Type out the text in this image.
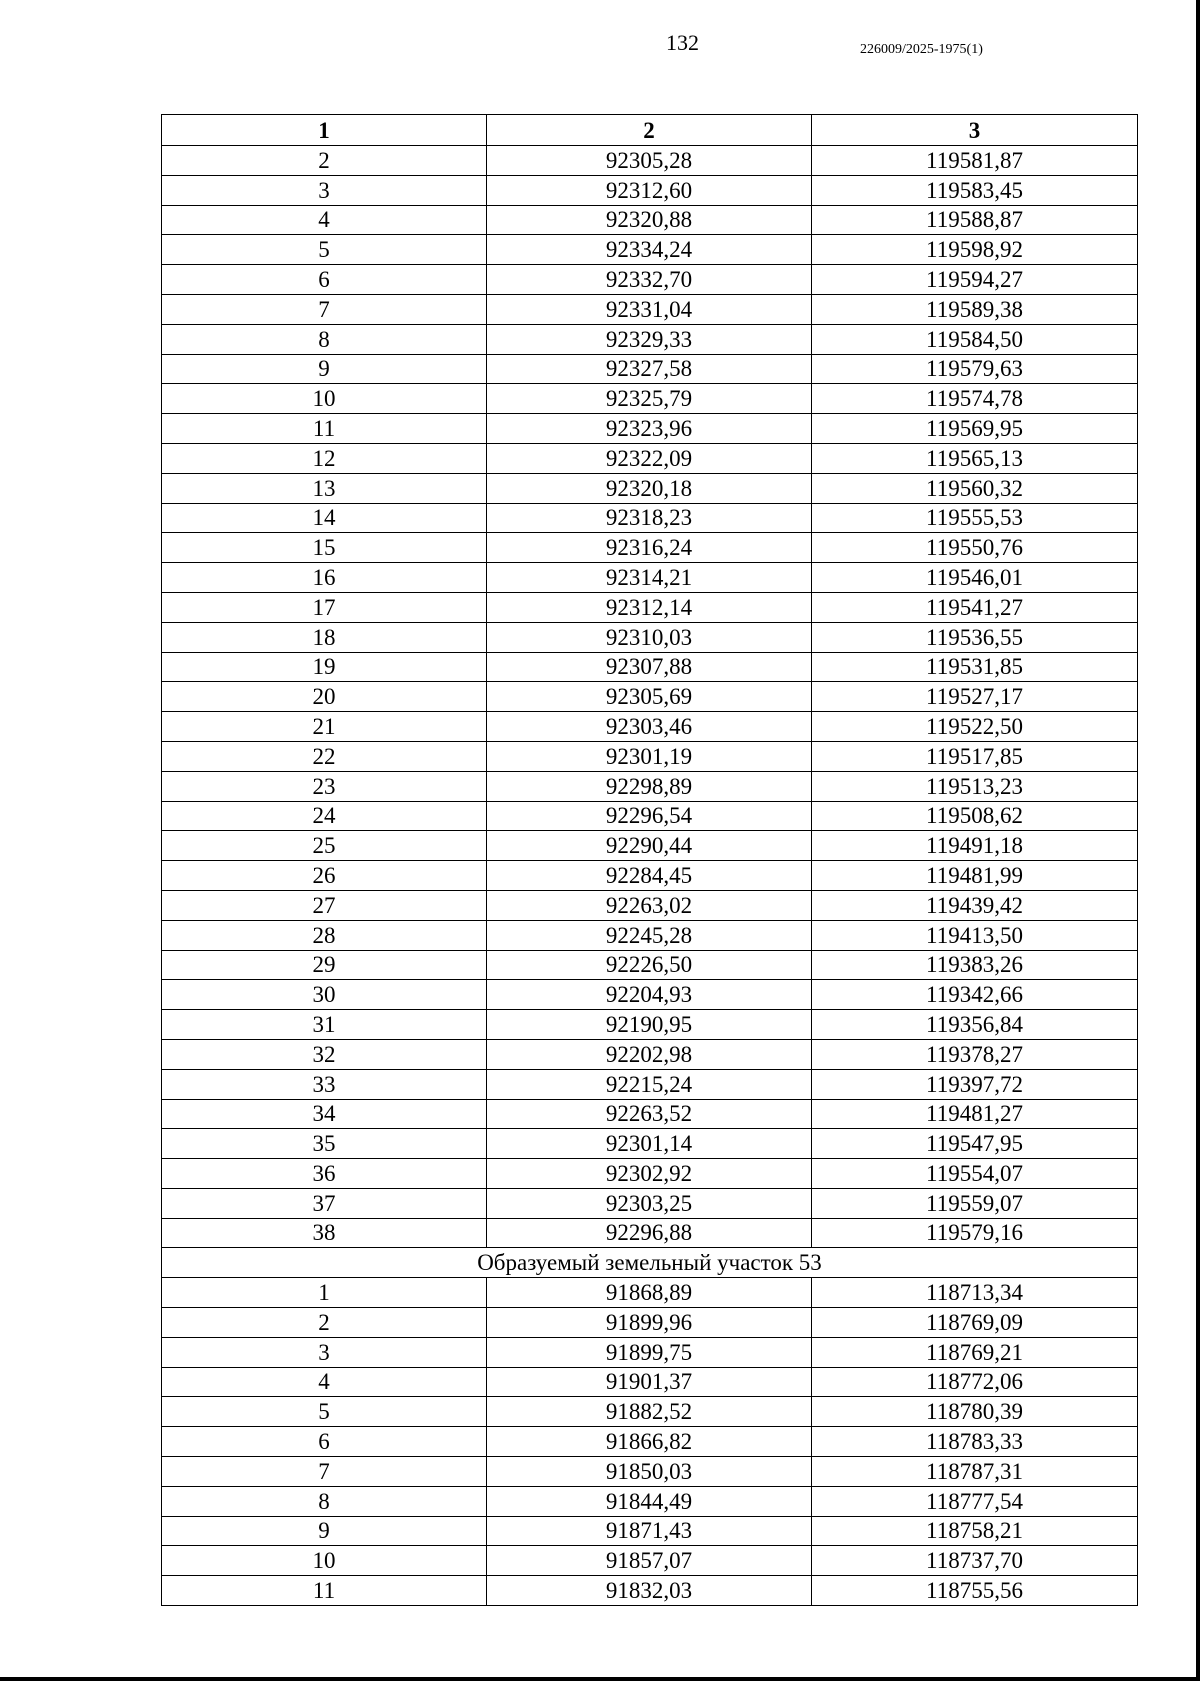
132	226009/2025-1975(1)
1	2	3
2	92305,28	119581,87
3	92312,60	119583,45
4	92320,88	119588,87
5	92334,24	119598,92
6	92332,70	119594,27
7	92331,04	119589,38
8	92329,33	119584,50
9	92327,58	119579,63
10	92325,79	119574,78
11	92323,96	119569,95
12	92322,09	119565,13
13	92320,18	119560,32
14	92318,23	119555,53
15	92316,24	119550,76
16	92314,21	119546,01
17	92312,14	119541,27
18	92310,03	119536,55
19	92307,88	119531,85
20	92305,69	119527,17
21	92303,46	119522,50
22	92301,19	119517,85
23	92298,89	119513,23
24	92296,54	119508,62
25	92290,44	119491,18
26	92284,45	119481,99
27	92263,02	119439,42
28	92245,28	119413,50
29	92226,50	119383,26
30	92204,93	119342,66
31	92190,95	119356,84
32	92202,98	119378,27
33	92215,24	119397,72
34	92263,52	119481,27
35	92301,14	119547,95
36	92302,92	119554,07
37	92303,25	119559,07
38	92296,88	119579,16
Образуемый земельный участок 53		
1	91868,89	118713,34
2	91899,96	118769,09
3	91899,75	118769,21
4	91901,37	118772,06
5	91882,52	118780,39
6	91866,82	118783,33
7	91850,03	118787,31
8	91844,49	118777,54
9	91871,43	118758,21
10	91857,07	118737,70
11	91832,03	118755,56
